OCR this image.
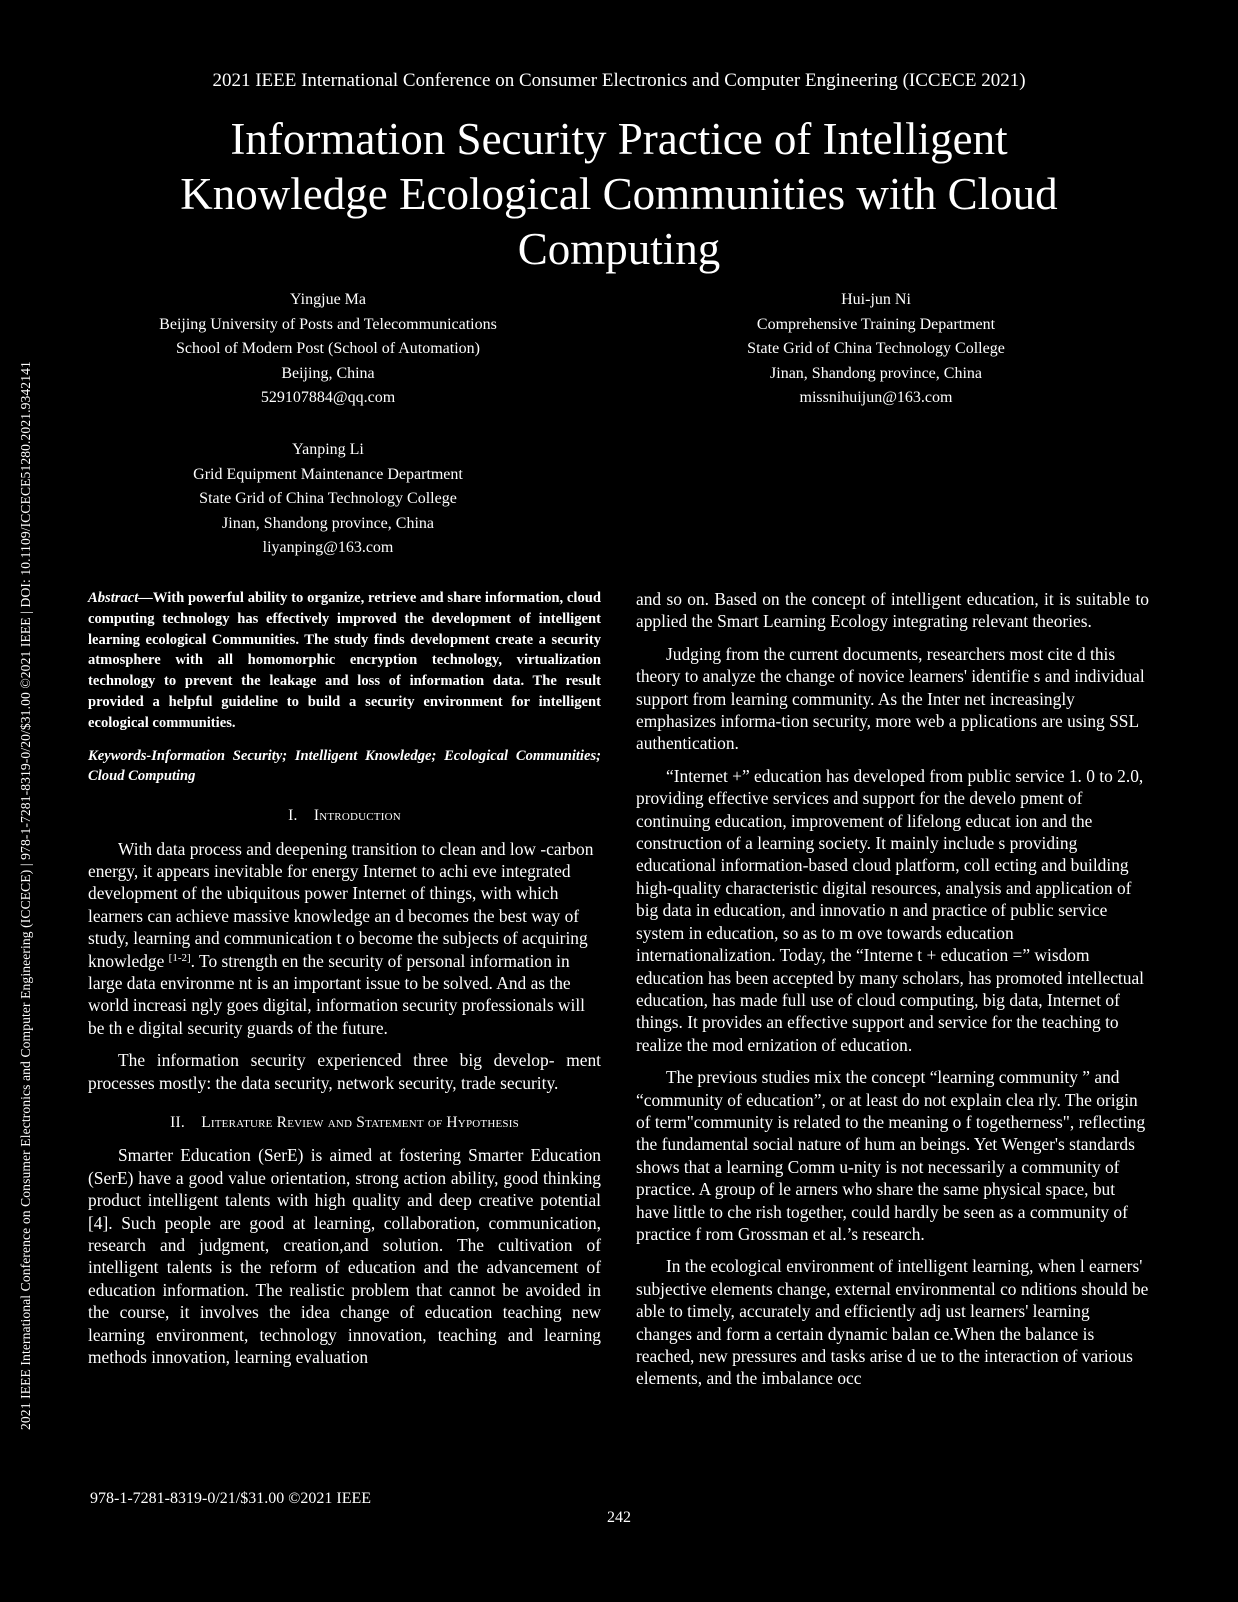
2021 IEEE International Conference on Consumer Electronics and Computer Engineering (ICCECE) | 978-1-7281-8319-0/20/$31.00 ©2021 IEEE | DOI: 10.1109/ICCECE51280.2021.9342141
2021 IEEE International Conference on Consumer Electronics and Computer Engineering (ICCECE 2021)
Information Security Practice of Intelligent
Knowledge Ecological Communities with Cloud
Computing
Yingjue Ma
Beijing University of Posts and Telecommunications
School of Modern Post (School of Automation)
Beijing, China
529107884@qq.com
Hui-jun Ni
Comprehensive Training Department
State Grid of China Technology College
Jinan, Shandong province, China
missnihuijun@163.com
Yanping Li
Grid Equipment Maintenance Department
State Grid of China Technology College
Jinan, Shandong province, China
liyanping@163.com

Abstract—With powerful ability to organize, retrieve and share information, cloud computing technology has effectively improved the development of intelligent learning ecological Communities. The study finds development create a security atmosphere with all homomorphic encryption technology, virtualization technology to prevent the leakage and loss of information data. The result provided a helpful guideline to build a security environment for intelligent ecological communities.

Keywords-Information Security; Intelligent Knowledge; Ecological Communities; Cloud Computing

I. Introduction

With data process and deepening transition to clean and low -carbon energy, it appears inevitable for energy Internet to achi eve integrated development of the ubiquitous power Internet of things, with which learners can achieve massive knowledge an d becomes the best way of study, learning and communication t o become the subjects of acquiring knowledge [1-2]. To strength en the security of personal information in large data environme nt is an important issue to be solved. And as the world increasi ngly goes digital, information security professionals will be th e digital security guards of the future.

The information security experienced three big develop- ment processes mostly: the data security, network security, trade security.

II. Literature Review and Statement of Hypothesis

Smarter Education (SerE) is aimed at fostering Smarter Education (SerE) have a good value orientation, strong action ability, good thinking product intelligent talents with high quality and deep creative potential [4]. Such people are good at learning, collaboration, communication, research and judgment, creation,and solution. The cultivation of intelligent talents is the reform of education and the advancement of education information. The realistic problem that cannot be avoided in the course, it involves the idea change of education teaching new learning environment, technology innovation, teaching and learning methods innovation, learning evaluation

and so on. Based on the concept of intelligent education, it is suitable to applied the Smart Learning Ecology integrating relevant theories.

Judging from the current documents, researchers most cite d this theory to analyze the change of novice learners' identifie s and individual support from learning community. As the Inter net increasingly emphasizes informa-tion security, more web a pplications are using SSL authentication.

“Internet +” education has developed from public service 1. 0 to 2.0, providing effective services and support for the develo pment of continuing education, improvement of lifelong educat ion and the construction of a learning society. It mainly include s providing educational information-based cloud platform, coll ecting and building high-quality characteristic digital resources, analysis and application of big data in education, and innovatio n and practice of public service system in education, so as to m ove towards education internationalization. Today, the “Interne t + education =” wisdom education has been accepted by many scholars, has promoted intellectual education, has made full use of cloud computing, big data, Internet of things. It provides an effective support and service for the teaching to realize the mod ernization of education.

The previous studies mix the concept “learning community ” and “community of education”, or at least do not explain clea rly. The origin of term"community is related to the meaning o f togetherness", reflecting the fundamental social nature of hum an beings. Yet Wenger's standards shows that a learning Comm u-nity is not necessarily a community of practice. A group of le arners who share the same physical space, but have little to che rish together, could hardly be seen as a community of practice f rom Grossman et al.’s research.

In the ecological environment of intelligent learning, when l earners' subjective elements change, external environmental co nditions should be able to timely, accurately and efficiently adj ust learners' learning changes and form a certain dynamic balan ce.When the balance is reached, new pressures and tasks arise d ue to the interaction of various elements, and the imbalance occ

978-1-7281-8319-0/21/$31.00 ©2021 IEEE
242
